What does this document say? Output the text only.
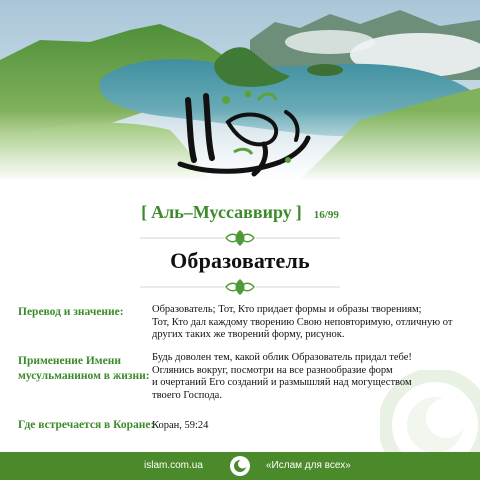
[ Аль–Муссаввиру ] 16/99
Образователь
Перевод и значение:	Образователь; Тот, Кто придает формы и образы творениям;
Тот, Кто дал каждому творению Свою неповторимую, отличную от
других таких же творений форму, рисунок.
Применение Имени
мусульманином в жизни:
Будь доволен тем, какой облик Образователь придал тебе!
Оглянись вокруг, посмотри на все разнообразие форм
и очертаний Его созданий и размышляй над могуществом
твоего Господа.
Где встречается в Коране:
Коран, 59:24
islam.com.ua	«Ислам для всех»
